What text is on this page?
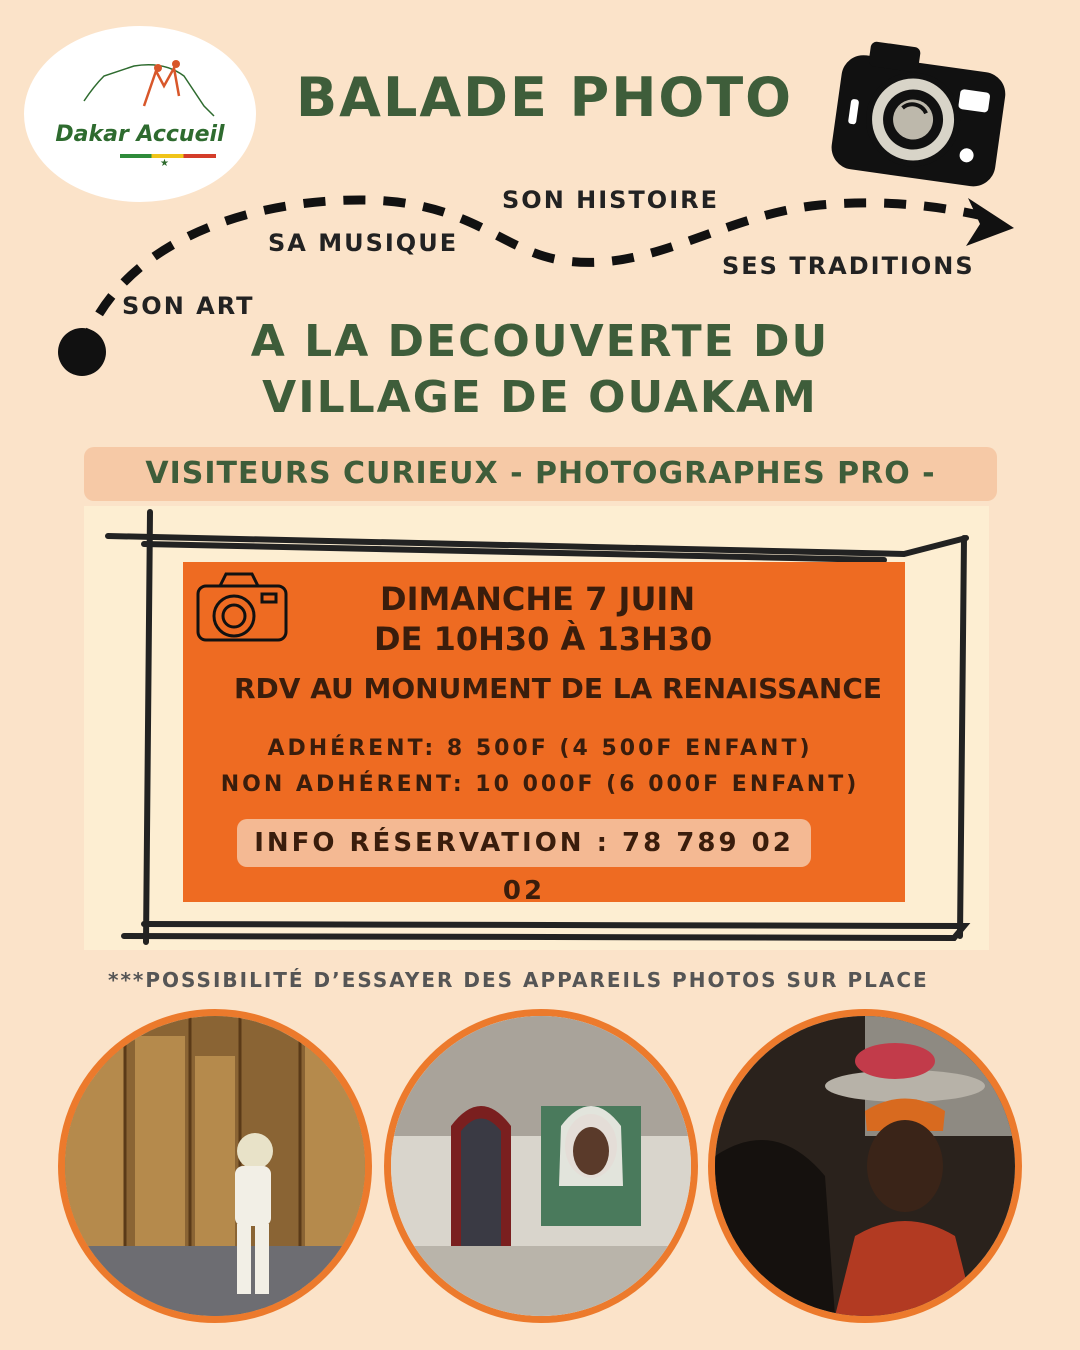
Dakar Accueil
★
BALADE PHOTO
SON ART
SA MUSIQUE
SON HISTOIRE
SES TRADITIONS
A LA DECOUVERTE DU
VILLAGE DE OUAKAM
VISITEURS CURIEUX - PHOTOGRAPHES PRO -
DIMANCHE 7 JUIN
DE 10H30 À 13H30
RDV AU MONUMENT DE LA RENAISSANCE
ADHÉRENT: 8 500F (4 500F ENFANT)
NON ADHÉRENT: 10 000F (6 000F ENFANT)
INFO RÉSERVATION : 78 789 02 02
***POSSIBILITÉ D’ESSAYER DES APPAREILS PHOTOS SUR PLACE
